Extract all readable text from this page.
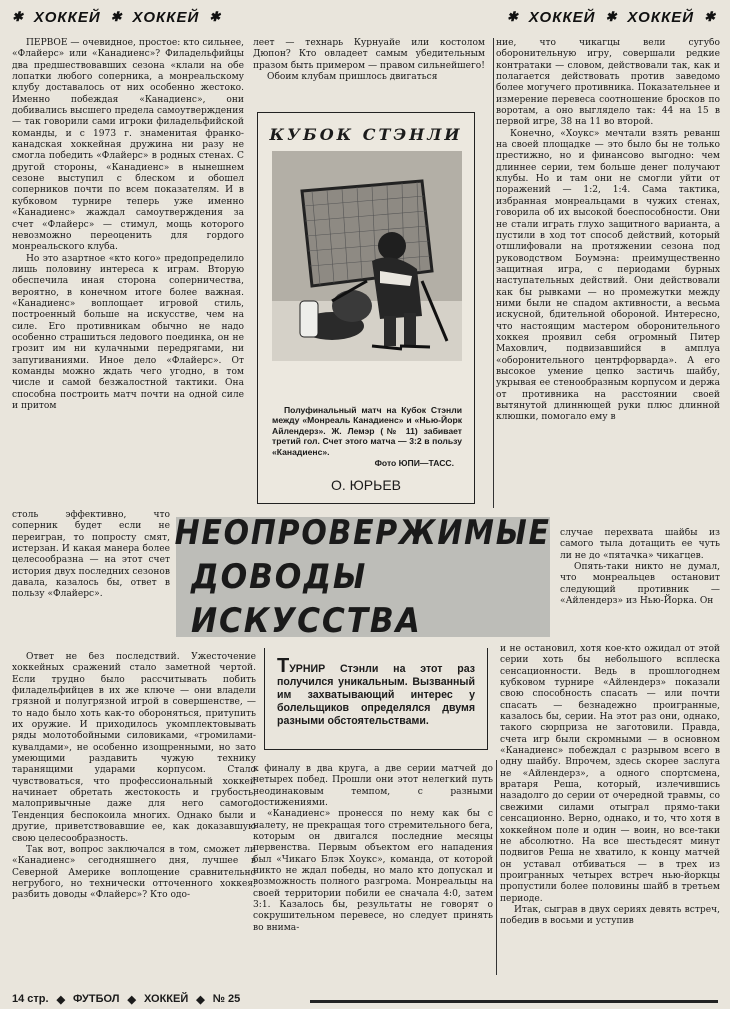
✱ ХОККЕЙ ✱ ХОККЕЙ ✱	✱ ХОККЕЙ ✱ ХОККЕЙ ✱

ПЕРВОЕ — очевидное, простое: кто сильнее, «Флайерс» или «Канадиенс»? Филадельфийцы два предшествовавших сезона «клали на обе лопатки любого соперника, а монреальскому клубу доставалось от них особенно жестоко. Именно побеждая «Канадиенс», они добивались высшего предела самоутверждения — так говорили сами игроки филадельфийской команды, и с 1973 г. знаменитая франко-канадская хоккейная дружина ни разу не смогла победить «Флайерс» в родных стенах. С другой стороны, «Канадиенс» в нынешнем сезоне выступил с блеском и обошел соперников почти по всем показателям. И в кубковом турнире теперь уже именно «Канадиенс» жаждал самоутверждения за счет «Флайерс» — стимул, мощь которого невозможно переоценить для гордого монреальского клуба.

Но это азартное «кто кого» предопределило лишь половину интереса к играм. Вторую обеспечила иная сторона соперничества, вероятно, в конечном итоге более важная. «Канадиенс» воплощает игровой стиль, построенный больше на искусстве, чем на силе. Его противникам обычно не надо особенно страшиться ледового поединка, он не грозит им ни кулачными передрягами, ни запугиваниями. Иное дело «Флайерс». От команды можно ждать чего угодно, в том числе и самой безжалостной тактики. Она способна построить матч почти на одной силе и притом

столь эффективно, что соперник будет если не переигран, то попросту смят, истерзан. И какая манера более целесообразна — на этот счет история двух последних сезонов давала, казалось бы, ответ в пользу «Флайерс».

Ответ не без последствий. Ужесточение хоккейных сражений стало заметной чертой. Если трудно было рассчитывать побить филадельфийцев в их же ключе — они владели грязной и полугрязной игрой в совершенстве, — то надо было хоть как-то обороняться, притупить их оружие. И приходилось укомплектовывать ряды молотобойными силовиками, «громилами-кувалдами», не особенно изощренными, но зато умеющими раздавить чужую технику таранящими ударами корпусом. Стало чувствоваться, что профессиональный хоккей начинает обретать жестокость и грубость, малопривычные даже для него самого. Тенденция беспокоила многих. Однако были и другие, приветствовавшие ее, как доказавшую свою целесообразность.

Так вот, вопрос заключался в том, сможет ли «Канадиенс» сегодняшнего дня, лучшее в Северной Америке воплощение сравнительно негрубого, но технически отточенного хоккея, разбить доводы «Флайерс»? Кто одо-

леет — технарь Курнуайе или костолом Дюпон? Кто овладеет самым убедительным празом быть примером — правом сильнейшего!

Обоим клубам пришлось двигаться

КУБОК СТЭНЛИ
Полуфинальный матч на Кубок Стэнли между «Монреаль Канадиенс» и «Нью-Йорк Айлендерз». Ж. Лемэр (№ 11) забивает третий гол. Счет этого матча — 3:2 в пользу «Канадиенс».
Фото ЮПИ—ТАСС.
О. ЮРЬЕВ
НЕОПРОВЕРЖИМЫЕ
ДОВОДЫ ИСКУССТВА
ТУРНИР Стэнли на этот раз получился уникальным. Вызванный им захватывающий интерес у болельщиков определялся двумя разными обстоятельствами.

к финалу в два круга, а две серии матчей до четырех побед. Прошли они этот нелегкий путь неодинаковым темпом, с разными достижениями.

«Канадиенс» пронесся по нему как бы с налету, не прекращая того стремительного бега, которым он двигался последние месяцы первенства. Первым объектом его нападения был «Чикаго Блэк Хоукс», команда, от которой никто не ждал победы, но мало кто допускал и возможность полного разгрома. Монреальцы на своей территории побили ее сначала 4:0, затем 3:1. Казалось бы, результаты не говорят о сокрушительном перевесе, но следует принять во внима-

ние, что чикагцы вели сугубо оборонительную игру, совершали редкие контратаки — словом, действовали так, как и полагается действовать против заведомо более могучего противника. Показательнее и измерение перевеса соотношение бросков по воротам, а оно выглядело так: 44 на 15 в первой игре, 38 на 11 во второй.

Конечно, «Хоукс» мечтали взять реванш на своей площадке — это было бы не только престижно, но и финансово выгодно: чем длиннее серии, тем больше денег получают клубы. Но и там они не смогли уйти от поражений — 1:2, 1:4. Сама тактика, избранная монреальцами в чужих стенах, говорила об их высокой боеспособности. Они не стали играть глухо защитного варианта, а пустили в ход тот способ действий, который отшлифовали на протяжении сезона под руководством Боумэна: преимущественно защитная игра, с периодами бурных наступательных действий. Они действовали как бы рывками — но промежутки между ними были не спадом активности, а весьма искусной, бдительной обороной. Интересно, что настоящим мастером оборонительного хоккея проявил себя огромный Питер Маховлич, подвизавшийся в амплуа «оборонительного центрфорварда». А его высокое умение цепко застичь шайбу, укрывая ее стенообразным корпусом и держа от противника на расстоянии своей вытянутой длиннющей руки плюс длинной клюшки, помогало ему в

случае перехвата шайбы из самого тыла дотащить ее чуть ли не до «пятачка» чикагцев.

Опять-таки никто не думал, что монреальцев остановит следующий противник — «Айлендерз» из Нью-Йорка. Он

и не остановил, хотя кое-кто ожидал от этой серии хоть бы небольшого всплеска сенсационности. Ведь в прошлогоднем кубковом турнире «Айлендерз» показали свою способность спасать — или почти спасать — безнадежно проигранные, казалось бы, серии. На этот раз они, однако, такого сюрприза не заготовили. Правда, счета игр были скромными — в основном «Канадиенс» побеждал с разрывом всего в одну шайбу. Впрочем, здесь скорее заслуга не «Айлендерз», а одного спортсмена, вратаря Реша, который, излечившись назадолго до серии от очередной травмы, со свежими силами отыграл прямо-таки сенсационно. Верно, однако, и то, что хотя в хоккейном поле и один — воин, но все-таки не абсолютно. На все шестьдесят минут подвигов Реша не хватило, к концу матчей он уставал отбиваться — в трех из проигранных четырех встреч нью-йоркцы пропустили более половины шайб в третьем периоде.

Итак, сыграв в двух сериях девять встреч, победив в восьми и уступив

14 стр. ◆ ФУТБОЛ ◆ ХОККЕЙ ◆ № 25
